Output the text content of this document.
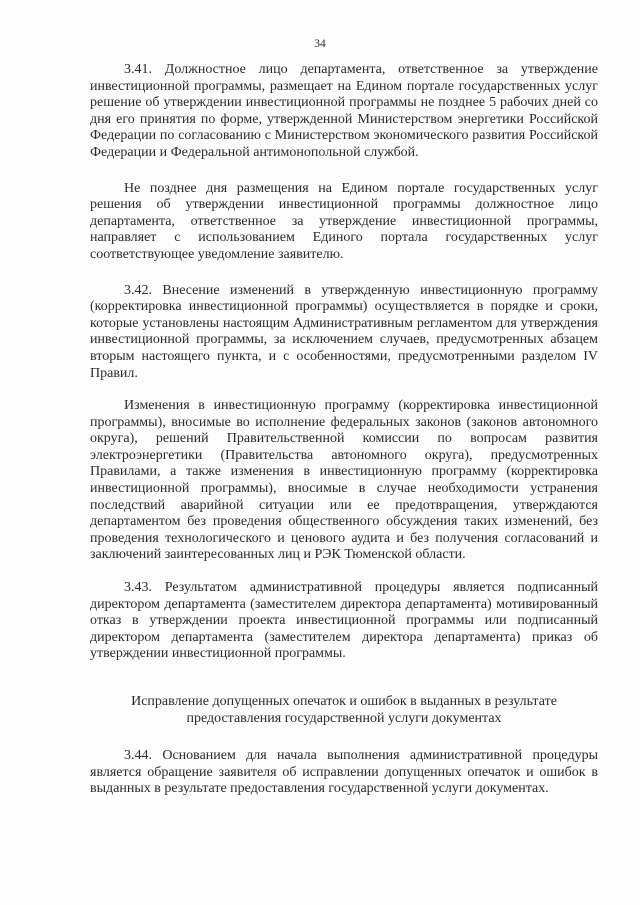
34

3.41. Должностное лицо департамента, ответственное за утверждение инвестиционной программы, размещает на Едином портале государственных услуг решение об утверждении инвестиционной программы не позднее 5 рабочих дней со дня его принятия по форме, утвержденной Министерством энергетики Российской Федерации по согласованию с Министерством экономического развития Российской Федерации и Федеральной антимонопольной службой.

Не позднее дня размещения на Едином портале государственных услуг решения об утверждении инвестиционной программы должностное лицо департамента, ответственное за утверждение инвестиционной программы, направляет с использованием Единого портала государственных услуг соответствующее уведомление заявителю.

3.42. Внесение изменений в утвержденную инвестиционную программу (корректировка инвестиционной программы) осуществляется в порядке и сроки, которые установлены настоящим Административным регламентом для утверждения инвестиционной программы, за исключением случаев, предусмотренных абзацем вторым настоящего пункта, и с особенностями, предусмотренными разделом IV Правил.

Изменения в инвестиционную программу (корректировка инвестиционной программы), вносимые во исполнение федеральных законов (законов автономного округа), решений Правительственной комиссии по вопросам развития электроэнергетики (Правительства автономного округа), предусмотренных Правилами, а также изменения в инвестиционную программу (корректировка инвестиционной программы), вносимые в случае необходимости устранения последствий аварийной ситуации или ее предотвращения, утверждаются департаментом без проведения общественного обсуждения таких изменений, без проведения технологического и ценового аудита и без получения согласований и заключений заинтересованных лиц и РЭК Тюменской области.

3.43. Результатом административной процедуры является подписанный директором департамента (заместителем директора департамента) мотивированный отказ в утверждении проекта инвестиционной программы или подписанный директором департамента (заместителем директора департамента) приказ об утверждении инвестиционной программы.

Исправление допущенных опечаток и ошибок в выданных в результате предоставления государственной услуги документах

3.44. Основанием для начала выполнения административной процедуры является обращение заявителя об исправлении допущенных опечаток и ошибок в выданных в результате предоставления государственной услуги документах.
